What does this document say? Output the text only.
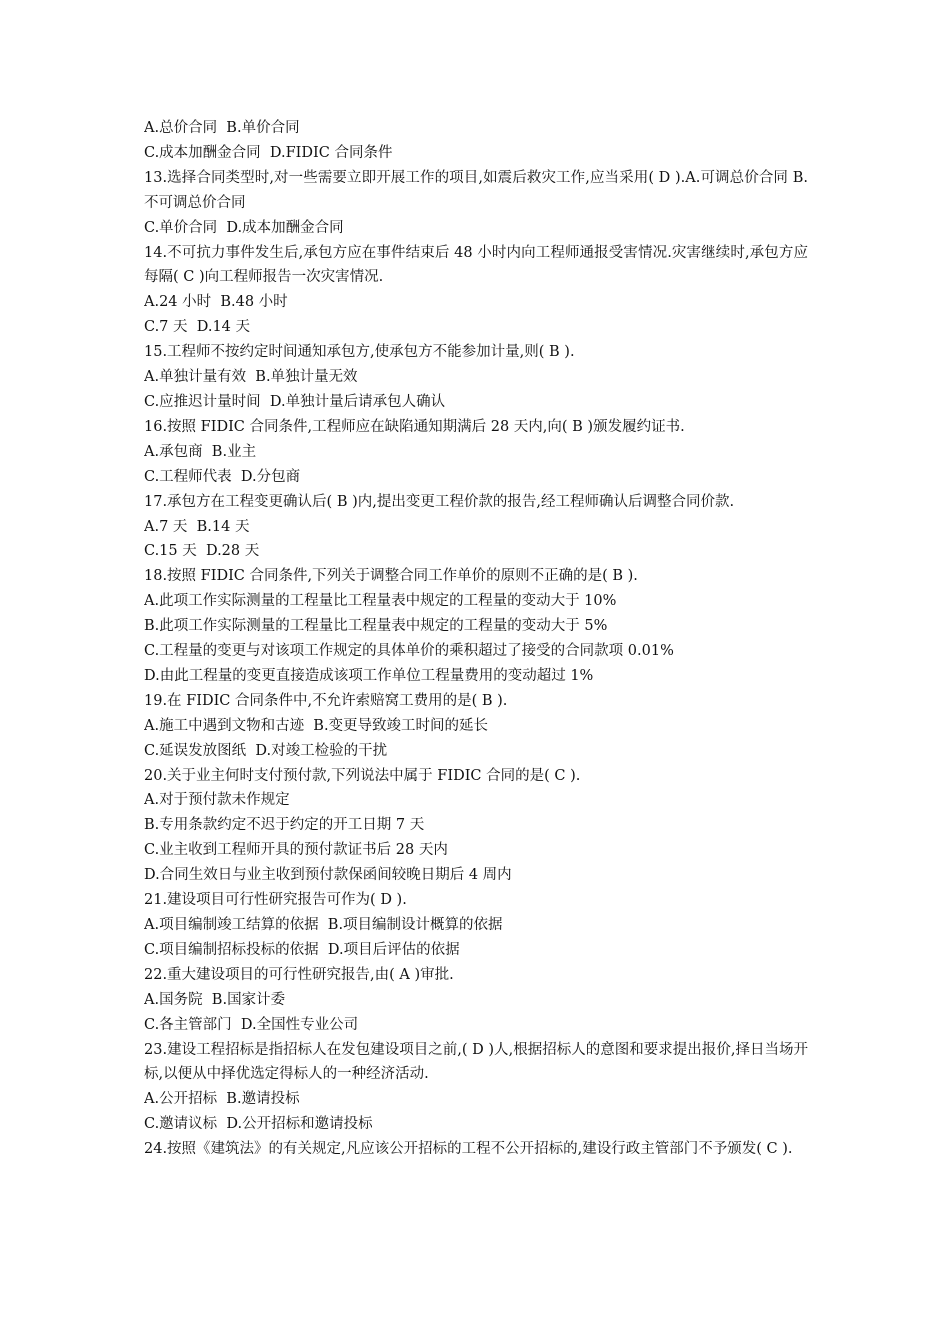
A.总价合同  B.单价合同
C.成本加酬金合同  D.FIDIC 合同条件
13.选择合同类型时,对一些需要立即开展工作的项目,如震后救灾工作,应当采用( D ).A.可调总价合同 B.不可调总价合同
C.单价合同  D.成本加酬金合同
14.不可抗力事件发生后,承包方应在事件结束后 48 小时内向工程师通报受害情况.灾害继续时,承包方应每隔( C )向工程师报告一次灾害情况.
A.24 小时  B.48 小时
C.7 天  D.14 天
15.工程师不按约定时间通知承包方,使承包方不能参加计量,则( B ).
A.单独计量有效  B.单独计量无效
C.应推迟计量时间  D.单独计量后请承包人确认
16.按照 FIDIC 合同条件,工程师应在缺陷通知期满后 28 天内,向( B )颁发履约证书.
A.承包商  B.业主
C.工程师代表  D.分包商
17.承包方在工程变更确认后( B )内,提出变更工程价款的报告,经工程师确认后调整合同价款.
A.7 天  B.14 天
C.15 天  D.28 天
18.按照 FIDIC 合同条件,下列关于调整合同工作单价的原则不正确的是( B ).
A.此项工作实际测量的工程量比工程量表中规定的工程量的变动大于 10%
B.此项工作实际测量的工程量比工程量表中规定的工程量的变动大于 5%
C.工程量的变更与对该项工作规定的具体单价的乘积超过了接受的合同款项 0.01%
D.由此工程量的变更直接造成该项工作单位工程量费用的变动超过 1%
19.在 FIDIC 合同条件中,不允许索赔窝工费用的是( B ).
A.施工中遇到文物和古迹  B.变更导致竣工时间的延长
C.延误发放图纸  D.对竣工检验的干扰
20.关于业主何时支付预付款,下列说法中属于 FIDIC 合同的是( C ).
A.对于预付款未作规定
B.专用条款约定不迟于约定的开工日期 7 天
C.业主收到工程师开具的预付款证书后 28 天内
D.合同生效日与业主收到预付款保函间较晚日期后 4 周内
21.建设项目可行性研究报告可作为( D ).
A.项目编制竣工结算的依据  B.项目编制设计概算的依据
C.项目编制招标投标的依据  D.项目后评估的依据
22.重大建设项目的可行性研究报告,由( A )审批.
A.国务院  B.国家计委
C.各主管部门  D.全国性专业公司
23.建设工程招标是指招标人在发包建设项目之前,( D )人,根据招标人的意图和要求提出报价,择日当场开标,以便从中择优选定得标人的一种经济活动.
A.公开招标  B.邀请投标
C.邀请议标  D.公开招标和邀请投标
24.按照《建筑法》的有关规定,凡应该公开招标的工程不公开招标的,建设行政主管部门不予颁发( C ).
